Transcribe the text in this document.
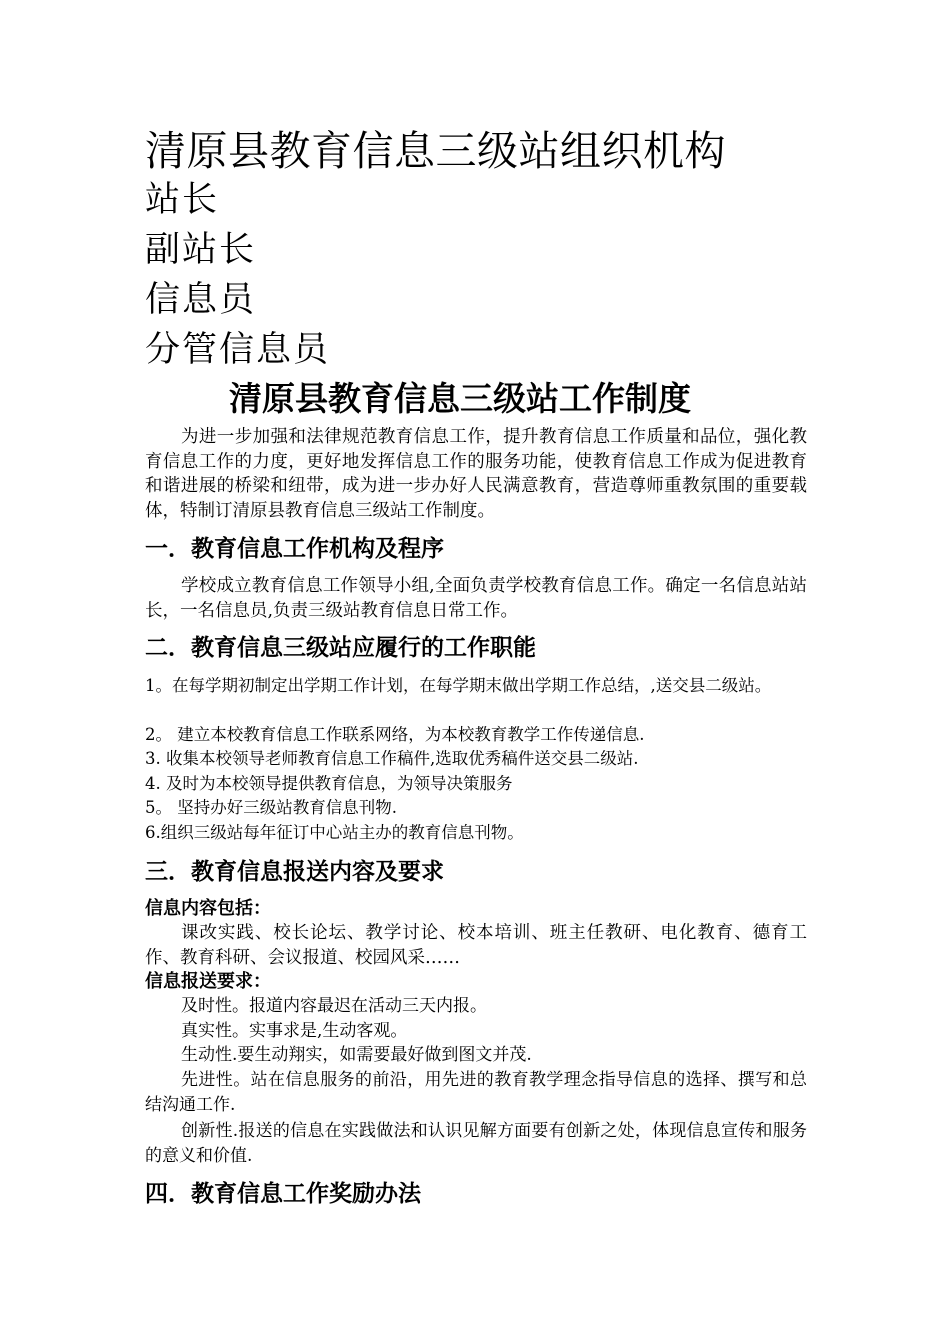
清原县教育信息三级站组织机构
站长
副站长
信息员
分管信息员
清原县教育信息三级站工作制度
为进一步加强和法律规范教育信息工作，提升教育信息工作质量和品位，强化教育信息工作的力度，更好地发挥信息工作的服务功能，使教育信息工作成为促进教育和谐进展的桥梁和纽带，成为进一步办好人民满意教育，营造尊师重教氛围的重要载体，特制订清原县教育信息三级站工作制度。
一．教育信息工作机构及程序
学校成立教育信息工作领导小组,全面负责学校教育信息工作。确定一名信息站站长，一名信息员,负责三级站教育信息日常工作。
二．教育信息三级站应履行的工作职能
1。在每学期初制定出学期工作计划，在每学期末做出学期工作总结，,送交县二级站。
2。 建立本校教育信息工作联系网络，为本校教育教学工作传递信息.
3. 收集本校领导老师教育信息工作稿件,选取优秀稿件送交县二级站.
4. 及时为本校领导提供教育信息，为领导决策服务
5。 坚持办好三级站教育信息刊物.
6.组织三级站每年征订中心站主办的教育信息刊物。
三．教育信息报送内容及要求
信息内容包括：
课改实践、校长论坛、教学讨论、校本培训、班主任教研、电化教育、德育工作、教育科研、会议报道、校园风采……
信息报送要求：
及时性。报道内容最迟在活动三天内报。
真实性。实事求是,生动客观。
生动性.要生动翔实，如需要最好做到图文并茂.
先进性。站在信息服务的前沿，用先进的教育教学理念指导信息的选择、撰写和总结沟通工作.
创新性.报送的信息在实践做法和认识见解方面要有创新之处，体现信息宣传和服务的意义和价值.
四．教育信息工作奖励办法
